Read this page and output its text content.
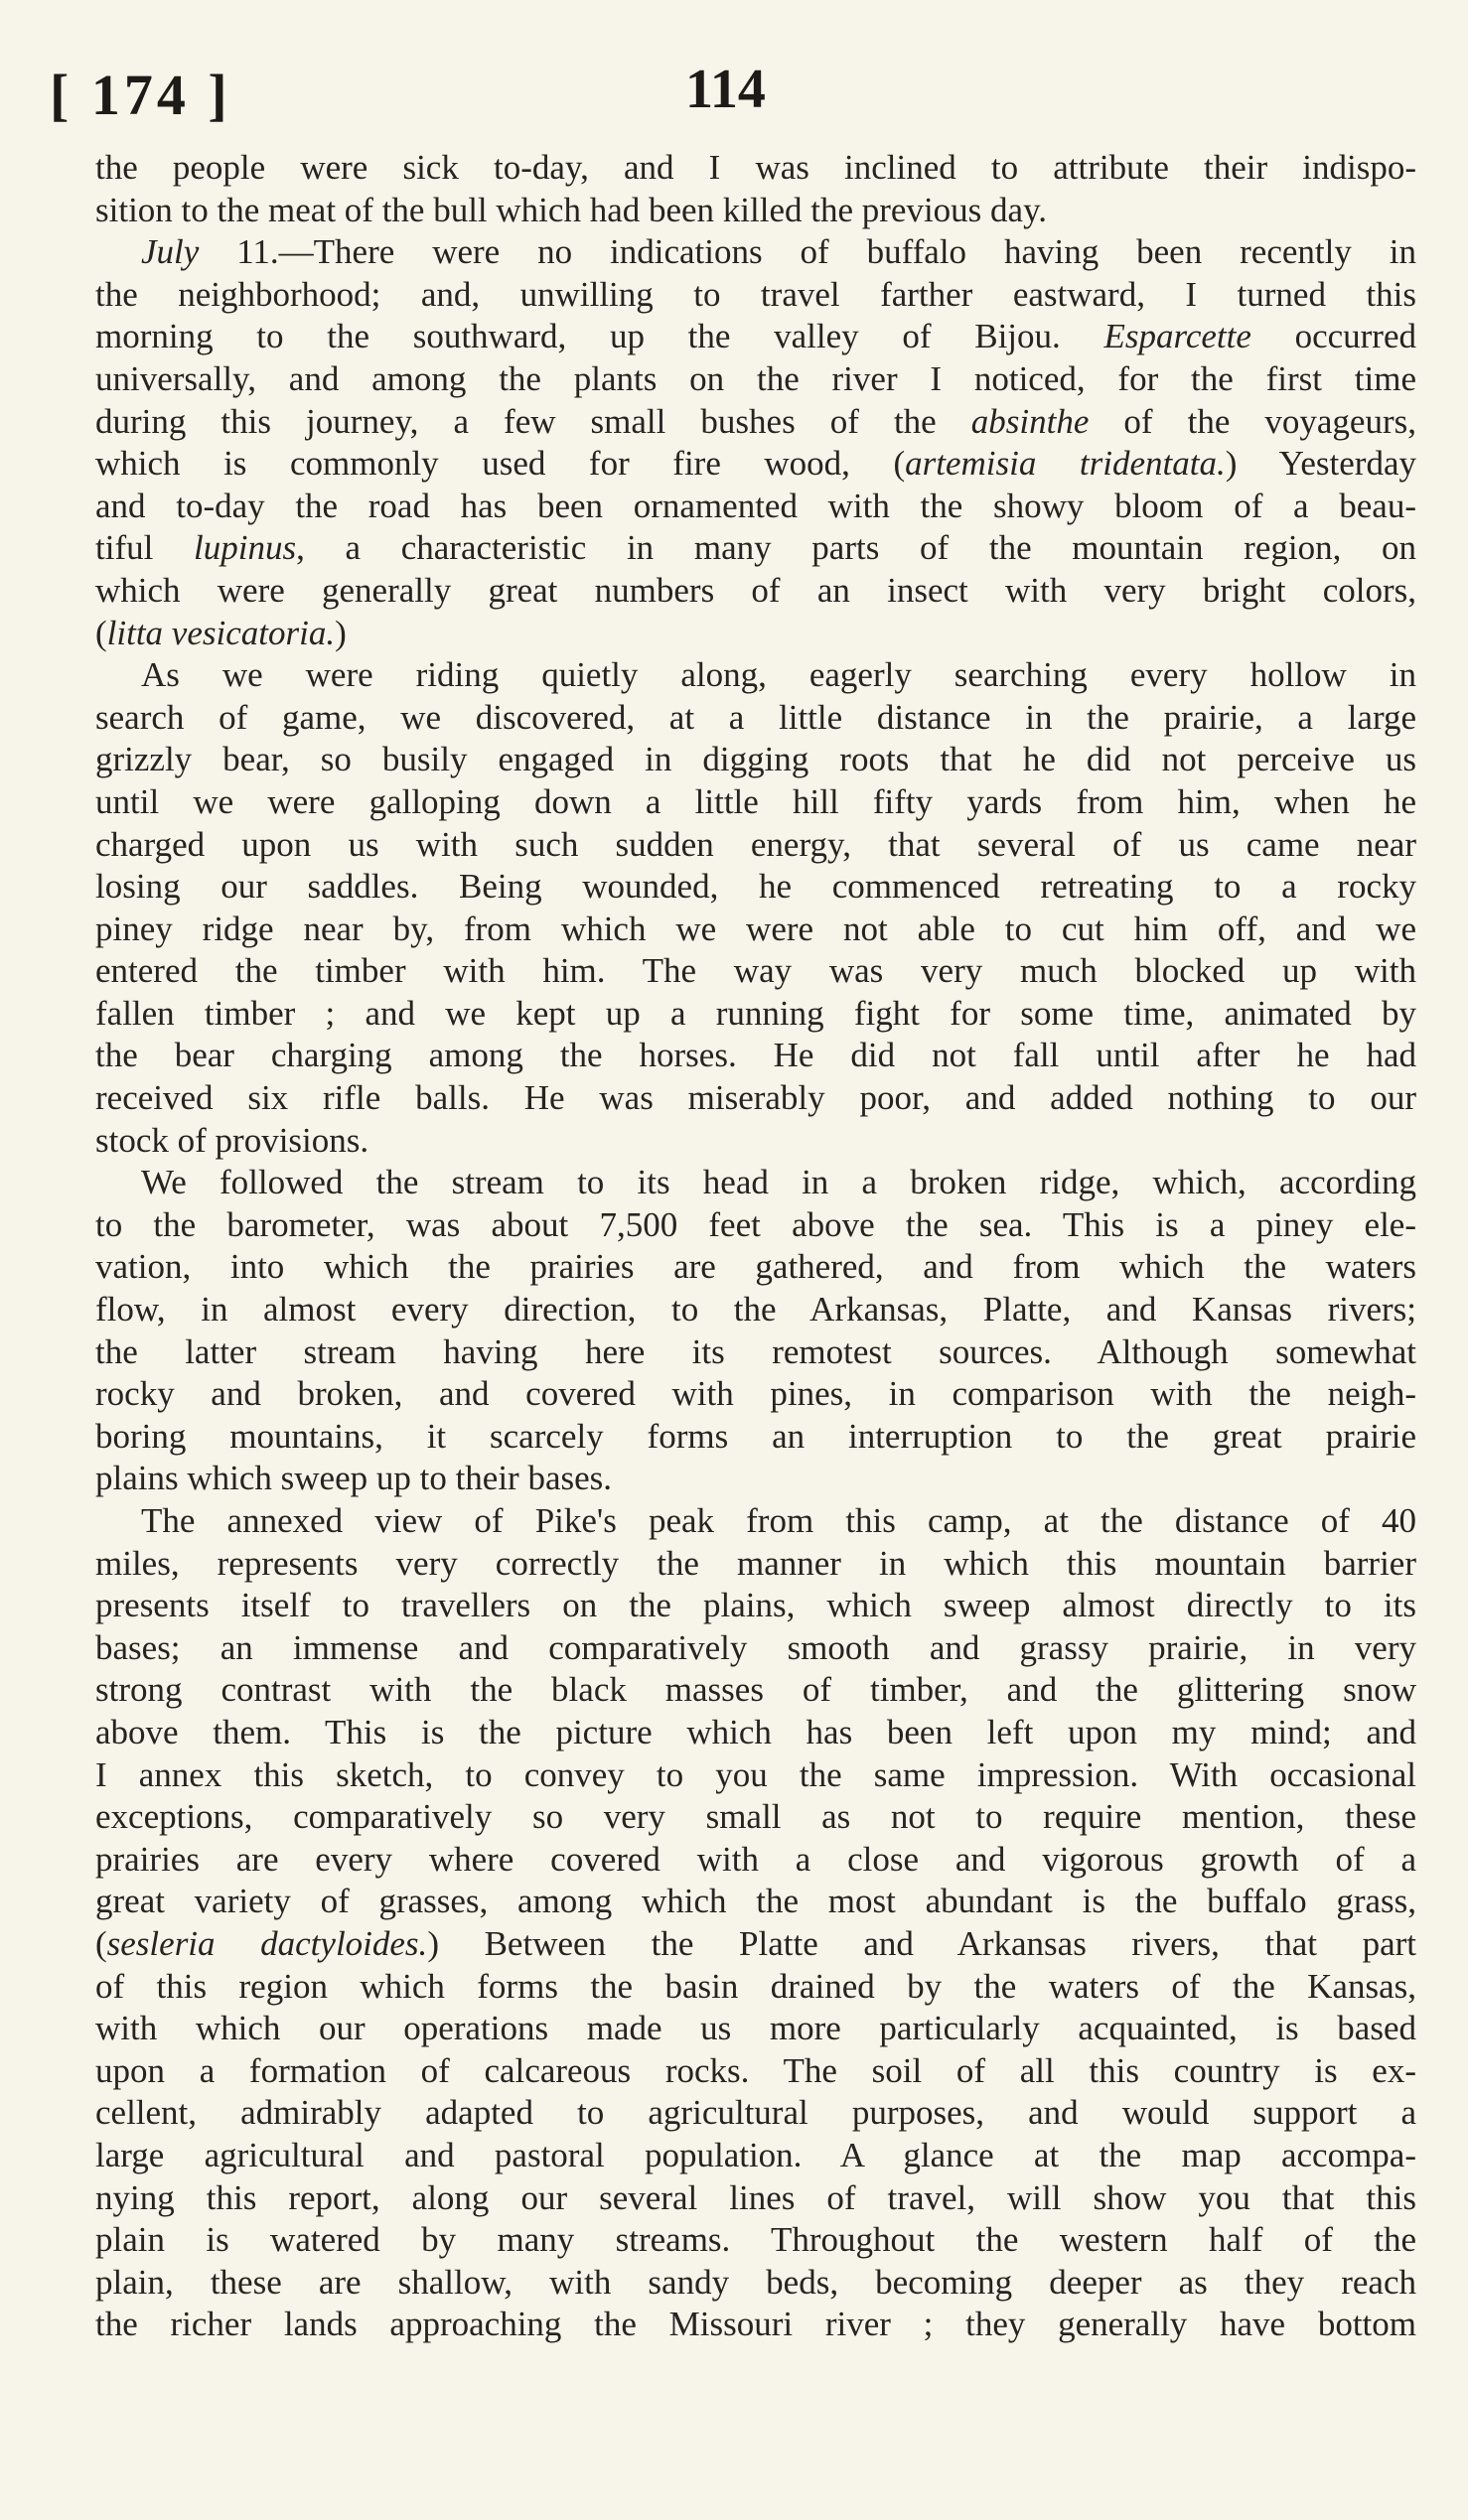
[ 174 ]	114
the people were sick to-day, and I was inclined to attribute their indispo-
sition to the meat of the bull which had been killed the previous day.
July 11.—There were no indications of buffalo having been recently in
the neighborhood; and, unwilling to travel farther eastward, I turned this
morning to the southward, up the valley of Bijou. Esparcette occurred
universally, and among the plants on the river I noticed, for the first time
during this journey, a few small bushes of the absinthe of the voyageurs,
which is commonly used for fire wood, (artemisia tridentata.) Yesterday
and to-day the road has been ornamented with the showy bloom of a beau-
tiful lupinus, a characteristic in many parts of the mountain region, on
which were generally great numbers of an insect with very bright colors,
(litta vesicatoria.)
As we were riding quietly along, eagerly searching every hollow in
search of game, we discovered, at a little distance in the prairie, a large
grizzly bear, so busily engaged in digging roots that he did not perceive us
until we were galloping down a little hill fifty yards from him, when he
charged upon us with such sudden energy, that several of us came near
losing our saddles. Being wounded, he commenced retreating to a rocky
piney ridge near by, from which we were not able to cut him off, and we
entered the timber with him. The way was very much blocked up with
fallen timber ; and we kept up a running fight for some time, animated by
the bear charging among the horses. He did not fall until after he had
received six rifle balls. He was miserably poor, and added nothing to our
stock of provisions.
We followed the stream to its head in a broken ridge, which, according
to the barometer, was about 7,500 feet above the sea. This is a piney ele-
vation, into which the prairies are gathered, and from which the waters
flow, in almost every direction, to the Arkansas, Platte, and Kansas rivers;
the latter stream having here its remotest sources. Although somewhat
rocky and broken, and covered with pines, in comparison with the neigh-
boring mountains, it scarcely forms an interruption to the great prairie
plains which sweep up to their bases.
The annexed view of Pike's peak from this camp, at the distance of 40
miles, represents very correctly the manner in which this mountain barrier
presents itself to travellers on the plains, which sweep almost directly to its
bases; an immense and comparatively smooth and grassy prairie, in very
strong contrast with the black masses of timber, and the glittering snow
above them. This is the picture which has been left upon my mind; and
I annex this sketch, to convey to you the same impression. With occasional
exceptions, comparatively so very small as not to require mention, these
prairies are every where covered with a close and vigorous growth of a
great variety of grasses, among which the most abundant is the buffalo grass,
(sesleria dactyloides.) Between the Platte and Arkansas rivers, that part
of this region which forms the basin drained by the waters of the Kansas,
with which our operations made us more particularly acquainted, is based
upon a formation of calcareous rocks. The soil of all this country is ex-
cellent, admirably adapted to agricultural purposes, and would support a
large agricultural and pastoral population. A glance at the map accompa-
nying this report, along our several lines of travel, will show you that this
plain is watered by many streams. Throughout the western half of the
plain, these are shallow, with sandy beds, becoming deeper as they reach
the richer lands approaching the Missouri river ; they generally have bottom
